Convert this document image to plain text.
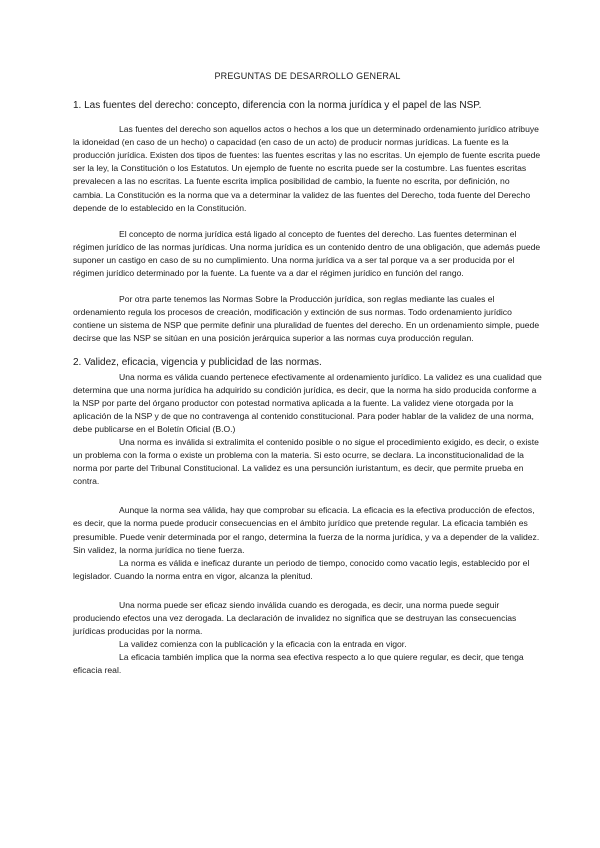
PREGUNTAS DE DESARROLLO GENERAL
1. Las fuentes del derecho: concepto, diferencia con la norma jurídica y el papel de las NSP.

Las fuentes del derecho son aquellos actos o hechos a los que un determinado ordenamiento jurídico atribuye la idoneidad (en caso de un hecho) o capacidad (en caso de un acto) de producir normas jurídicas. La fuente es la producción jurídica. Existen dos tipos de fuentes: las fuentes escritas y las no escritas. Un ejemplo de fuente escrita puede ser la ley, la Constitución o los Estatutos. Un ejemplo de fuente no escrita puede ser la costumbre. Las fuentes escritas prevalecen a las no escritas. La fuente escrita implica posibilidad de cambio, la fuente no escrita, por definición, no cambia. La Constitución es la norma que va a determinar la validez de las fuentes del Derecho, toda fuente del Derecho depende de lo establecido en la Constitución.

El concepto de norma jurídica está ligado al concepto de fuentes del derecho. Las fuentes determinan el régimen jurídico de las normas jurídicas. Una norma jurídica es un contenido dentro de una obligación, que además puede suponer un castigo en caso de su no cumplimiento. Una norma jurídica va a ser tal porque va a ser producida por el régimen jurídico determinado por la fuente. La fuente va a dar el régimen jurídico en función del rango.

Por otra parte tenemos las Normas Sobre la Producción jurídica, son reglas mediante las cuales el ordenamiento regula los procesos de creación, modificación y extinción de sus normas. Todo ordenamiento jurídico contiene un sistema de NSP que permite definir una pluralidad de fuentes del derecho. En un ordenamiento simple, puede decirse que las NSP se sitúan en una posición jerárquica superior a las normas cuya producción regulan.

2. Validez, eficacia, vigencia y publicidad de las normas.

Una norma es válida cuando pertenece efectivamente al ordenamiento jurídico. La validez es una cualidad que determina que una norma jurídica ha adquirido su condición jurídica, es decir, que la norma ha sido producida conforme a la NSP por parte del órgano productor con potestad normativa aplicada a la fuente. La validez viene otorgada por la aplicación de la NSP y de que no contravenga al contenido constitucional. Para poder hablar de la validez de una norma, debe publicarse en el Boletín Oficial (B.O.)

Una norma es inválida si extralimita el contenido posible o no sigue el procedimiento exigido, es decir, o existe un problema con la forma o existe un problema con la materia. Si esto ocurre, se declara. La inconstitucionalidad de la norma por parte del Tribunal Constitucional. La validez es una persunción iuristantum, es decir, que permite prueba en contra.

Aunque la norma sea válida, hay que comprobar su eficacia. La eficacia es la efectiva producción de efectos, es decir, que la norma puede producir consecuencias en el ámbito jurídico que pretende regular. La eficacia también es presumible. Puede venir determinada por el rango, determina la fuerza de la norma jurídica, y va a depender de la validez. Sin validez, la norma jurídica no tiene fuerza.

La norma es válida e ineficaz durante un periodo de tiempo, conocido como vacatio legis, establecido por el legislador. Cuando la norma entra en vigor, alcanza la plenitud.

Una norma puede ser eficaz siendo inválida cuando es derogada, es decir, una norma puede seguir produciendo efectos una vez derogada. La declaración de invalidez no significa que se destruyan las consecuencias jurídicas producidas por la norma.

La validez comienza con la publicación y la eficacia con la entrada en vigor.

La eficacia también implica que la norma sea efectiva respecto a lo que quiere regular, es decir, que tenga eficacia real.
